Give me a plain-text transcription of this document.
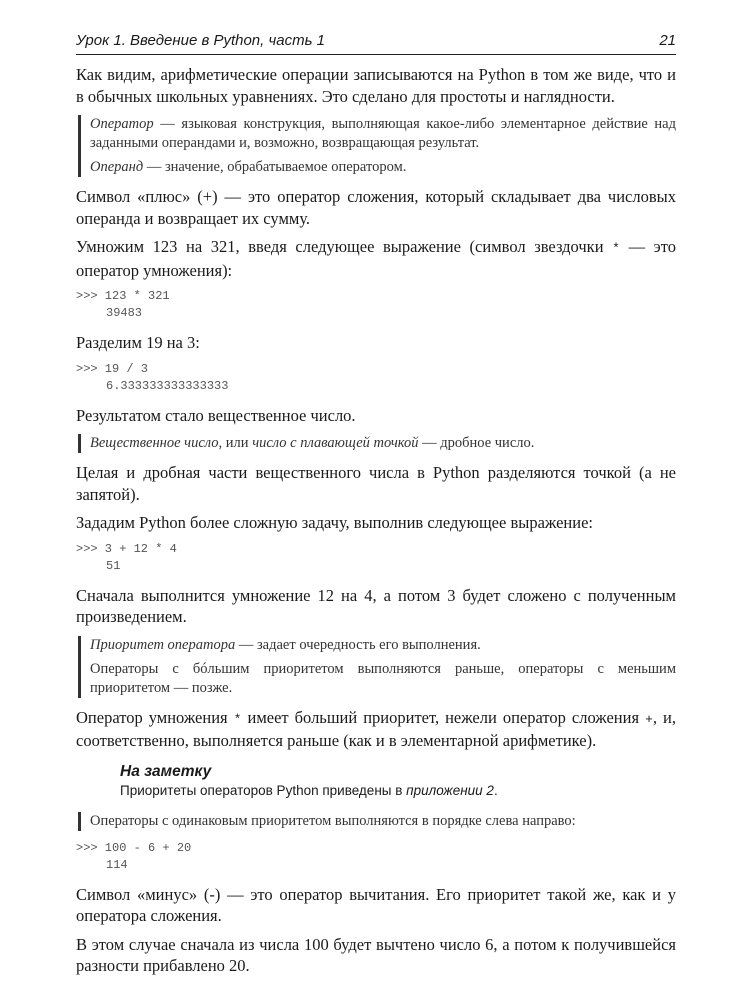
Урок 1. Введение в Python, часть 1	21

Как видим, арифметические операции записываются на Python в том же виде, что и в обычных школьных уравнениях. Это сделано для простоты и наглядности.

Оператор — языковая конструкция, выполняющая какое-либо элементарное действие над заданными операндами и, возможно, возвращающая результат.

Операнд — значение, обрабатываемое оператором.

Символ «плюс» (+) — это оператор сложения, который складывает два числовых операнда и возвращает их сумму.

Умножим 123 на 321, введя следующее выражение (символ звездочки * — это оператор умножения):

>>> 123 * 321
39483

Разделим 19 на 3:

>>> 19 / 3
6.333333333333333

Результатом стало вещественное число.

Вещественное число, или число с плавающей точкой — дробное число.

Целая и дробная части вещественного числа в Python разделяются точкой (а не запятой).

Зададим Python более сложную задачу, выполнив следующее выражение:

>>> 3 + 12 * 4
51

Сначала выполнится умножение 12 на 4, а потом 3 будет сложено с полученным произведением.

Приоритет оператора — задает очередность его выполнения.

Операторы с бóльшим приоритетом выполняются раньше, операторы с меньшим приоритетом — позже.

Оператор умножения * имеет больший приоритет, нежели оператор сложения +, и, соответственно, выполняется раньше (как и в элементарной арифметике).

На заметку
Приоритеты операторов Python приведены в приложении 2.

Операторы с одинаковым приоритетом выполняются в порядке слева направо:

>>> 100 - 6 + 20
114

Символ «минус» (-) — это оператор вычитания. Его приоритет такой же, как и у оператора сложения.

В этом случае сначала из числа 100 будет вычтено число 6, а потом к получившейся разности прибавлено 20.
